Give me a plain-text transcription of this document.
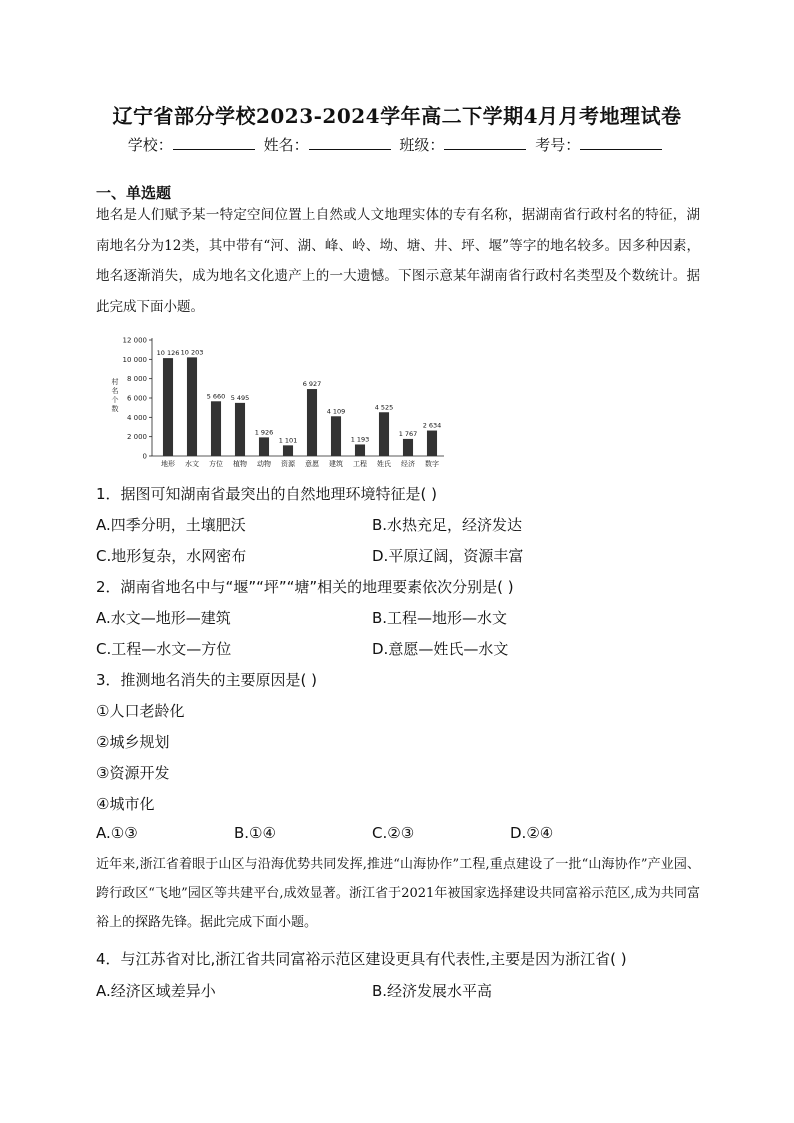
辽宁省部分学校2023-2024学年高二下学期4月月考地理试卷
学校：	姓名：	班级：	考号：
一、单选题
地名是人们赋予某一特定空间位置上自然或人文地理实体的专有名称，据湖南省行政村名的特征，湖南地名分为12类，其中带有“河、湖、峰、岭、坳、塘、井、坪、堰”等字的地名较多。因多种因素，地名逐渐消失，成为地名文化遗产上的一大遗憾。下图示意某年湖南省行政村名类型及个数统计。据此完成下面小题。
村
名
个
数
0
2 000
4 000
6 000
8 000
10 000
12 000
10 126
地形
10 203
水文
5 660
方位
5 495
植物
1 926
动物
1 101
资源
6 927
意愿
4 109
建筑
1 193
工程
4 525
姓氏
1 767
经济
2 634
数字
1．据图可知湖南省最突出的自然地理环境特征是( )
A.四季分明，土壤肥沃	B.水热充足，经济发达
C.地形复杂，水网密布	D.平原辽阔，资源丰富
2．湖南省地名中与“堰”“坪”“塘”相关的地理要素依次分别是( )
A.水文—地形—建筑	B.工程—地形—水文
C.工程—水文—方位	D.意愿—姓氏—水文
3．推测地名消失的主要原因是( )
①人口老龄化
②城乡规划
③资源开发
④城市化
A.①③	B.①④	C.②③	D.②④
近年来,浙江省着眼于山区与沿海优势共同发挥,推进“山海协作”工程,重点建设了一批“山海协作”产业园、跨行政区“飞地”园区等共建平台,成效显著。浙江省于2021年被国家选择建设共同富裕示范区,成为共同富裕上的探路先锋。据此完成下面小题。
4．与江苏省对比,浙江省共同富裕示范区建设更具有代表性,主要是因为浙江省( )
A.经济区域差异小	B.经济发展水平高
